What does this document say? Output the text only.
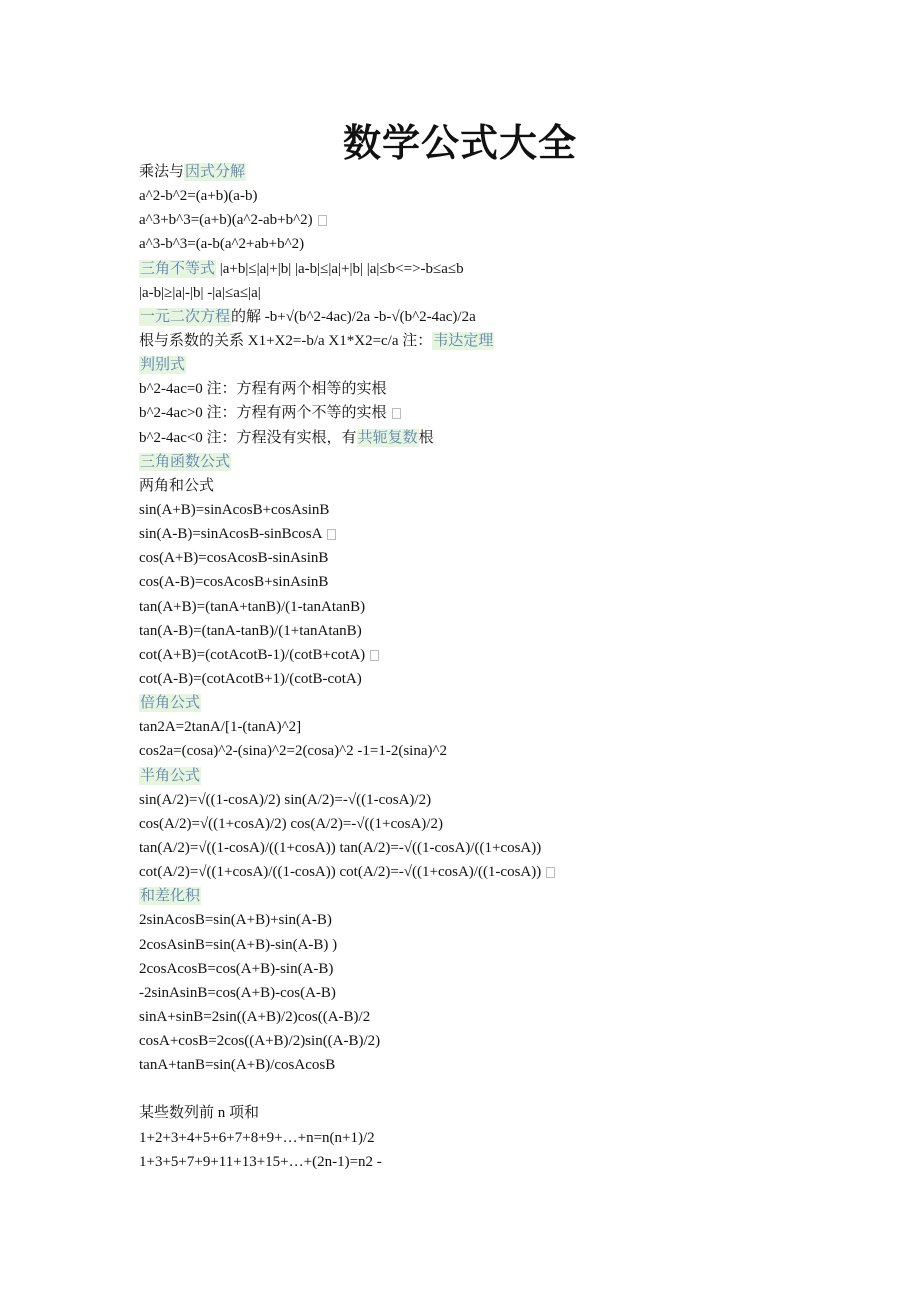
数学公式大全
乘法与因式分解
a^2-b^2=(a+b)(a-b)
a^3+b^3=(a+b)(a^2-ab+b^2)
a^3-b^3=(a-b(a^2+ab+b^2)
三角不等式 |a+b|≤|a|+|b| |a-b|≤|a|+|b| |a|≤b<=>-b≤a≤b
|a-b|≥|a|-|b| -|a|≤a≤|a|
一元二次方程的解 -b+√(b^2-4ac)/2a -b-√(b^2-4ac)/2a
根与系数的关系 X1+X2=-b/a X1*X2=c/a 注：韦达定理
判别式
b^2-4ac=0 注：方程有两个相等的实根
b^2-4ac>0 注：方程有两个不等的实根
b^2-4ac<0 注：方程没有实根，有共轭复数根
三角函数公式
两角和公式
sin(A+B)=sinAcosB+cosAsinB
sin(A-B)=sinAcosB-sinBcosA
cos(A+B)=cosAcosB-sinAsinB
cos(A-B)=cosAcosB+sinAsinB
tan(A+B)=(tanA+tanB)/(1-tanAtanB)
tan(A-B)=(tanA-tanB)/(1+tanAtanB)
cot(A+B)=(cotAcotB-1)/(cotB+cotA)
cot(A-B)=(cotAcotB+1)/(cotB-cotA)
倍角公式
tan2A=2tanA/[1-(tanA)^2]
cos2a=(cosa)^2-(sina)^2=2(cosa)^2 -1=1-2(sina)^2
半角公式
sin(A/2)=√((1-cosA)/2) sin(A/2)=-√((1-cosA)/2)
cos(A/2)=√((1+cosA)/2) cos(A/2)=-√((1+cosA)/2)
tan(A/2)=√((1-cosA)/((1+cosA)) tan(A/2)=-√((1-cosA)/((1+cosA))
cot(A/2)=√((1+cosA)/((1-cosA)) cot(A/2)=-√((1+cosA)/((1-cosA))
和差化积
2sinAcosB=sin(A+B)+sin(A-B)
2cosAsinB=sin(A+B)-sin(A-B) )
2cosAcosB=cos(A+B)-sin(A-B)
-2sinAsinB=cos(A+B)-cos(A-B)
sinA+sinB=2sin((A+B)/2)cos((A-B)/2
cosA+cosB=2cos((A+B)/2)sin((A-B)/2)
tanA+tanB=sin(A+B)/cosAcosB
某些数列前 n 项和
1+2+3+4+5+6+7+8+9+…+n=n(n+1)/2
1+3+5+7+9+11+13+15+…+(2n-1)=n2 -
